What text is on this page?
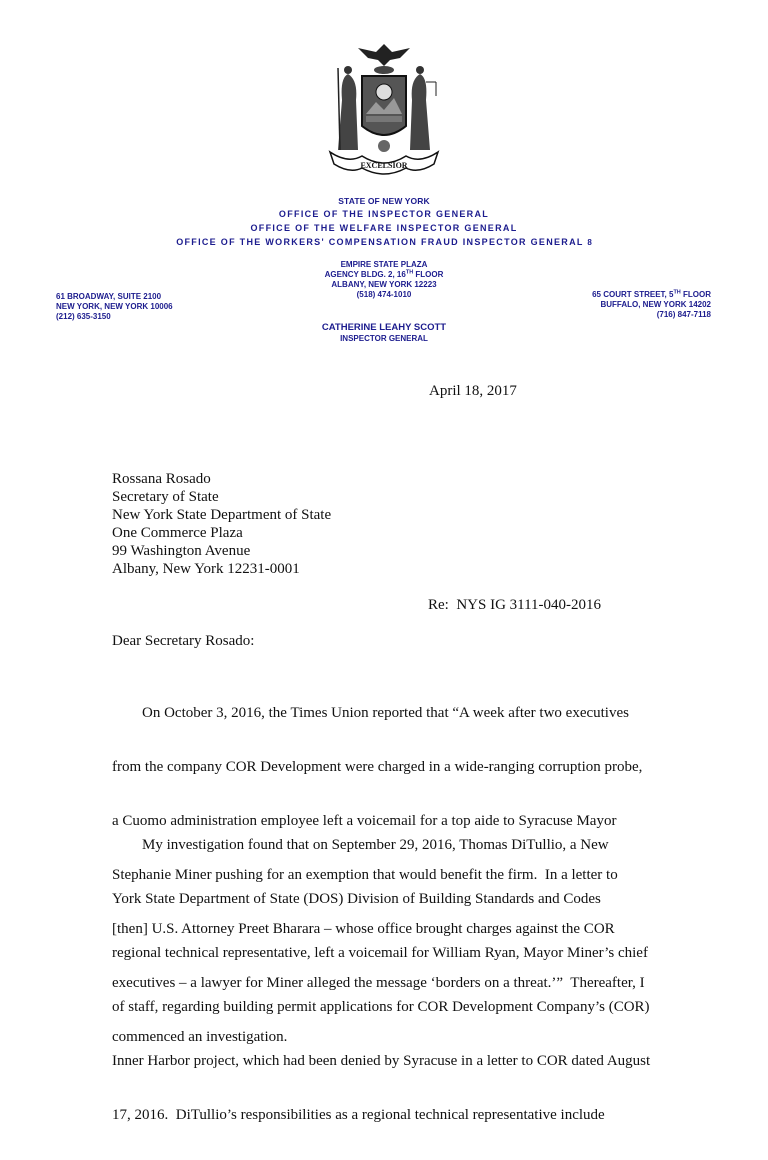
EXCELSIOR
STATE OF NEW YORK
OFFICE OF THE INSPECTOR GENERAL
OFFICE OF THE WELFARE INSPECTOR GENERAL
OFFICE OF THE WORKERS' COMPENSATION FRAUD INSPECTOR GENERAL 8
EMPIRE STATE PLAZA
AGENCY BLDG. 2, 16TH FLOOR
ALBANY, NEW YORK 12223
(518) 474-1010
61 BROADWAY, SUITE 2100
NEW YORK, NEW YORK 10006
(212) 635-3150
65 COURT STREET, 5TH FLOOR
BUFFALO, NEW YORK 14202
(716) 847-7118
CATHERINE LEAHY SCOTT
INSPECTOR GENERAL
April 18, 2017
Rossana Rosado
Secretary of State
New York State Department of State
One Commerce Plaza
99 Washington Avenue
Albany, New York 12231-0001
Re:  NYS IG 3111-040-2016
Dear Secretary Rosado:

On October 3, 2016, the Times Union reported that “A week after two executives

from the company COR Development were charged in a wide-ranging corruption probe,

a Cuomo administration employee left a voicemail for a top aide to Syracuse Mayor

Stephanie Miner pushing for an exemption that would benefit the firm.  In a letter to

[then] U.S. Attorney Preet Bharara – whose office brought charges against the COR

executives – a lawyer for Miner alleged the message ‘borders on a threat.’”  Thereafter, I

commenced an investigation.

My investigation found that on September 29, 2016, Thomas DiTullio, a New

York State Department of State (DOS) Division of Building Standards and Codes

regional technical representative, left a voicemail for William Ryan, Mayor Miner’s chief

of staff, regarding building permit applications for COR Development Company’s (COR)

Inner Harbor project, which had been denied by Syracuse in a letter to COR dated August

17, 2016.  DiTullio’s responsibilities as a regional technical representative include
